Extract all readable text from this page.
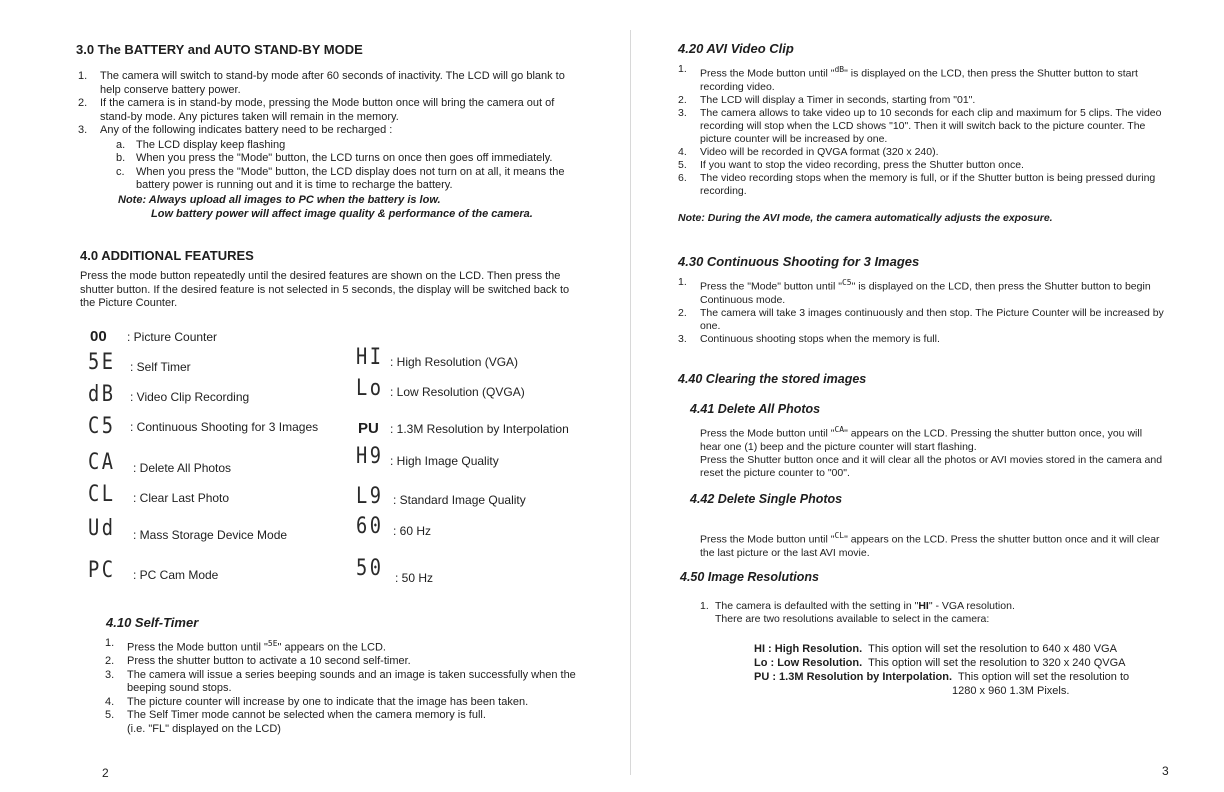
3.0 The BATTERY and AUTO STAND-BY MODE
1. The camera will switch to stand-by mode after 60 seconds of inactivity. The LCD will go blank to help conserve battery power.
2. If the camera is in stand-by mode, pressing the Mode button once will bring the camera out of stand-by mode. Any pictures taken will remain in the memory.
3. Any of the following indicates battery need to be recharged :
a. The LCD display keep flashing
b. When you press the "Mode" button, the LCD turns on once then goes off immediately.
c. When you press the "Mode" button, the LCD display does not turn on at all, it means the battery power is running out and it is time to recharge the battery.
Note: Always upload all images to PC when the battery is low.
Low battery power will affect image quality & performance of the camera.
4.0 ADDITIONAL FEATURES
Press the mode button repeatedly until the desired features are shown on the LCD. Then press the shutter button. If the desired feature is not selected in 5 seconds, the display will be switched back to the Picture Counter.
00 : Picture Counter
5E : Self Timer
dB : Video Clip Recording
C5 : Continuous Shooting for 3 Images
CA : Delete All Photos
CL : Clear Last Photo
Ud : Mass Storage Device Mode
PC : PC Cam Mode
HI : High Resolution (VGA)
Lo : Low Resolution (QVGA)
PU : 1.3M Resolution by Interpolation
H9 : High Image Quality
L9 : Standard Image Quality
60 : 60 Hz
50 : 50 Hz
4.10 Self-Timer
1. Press the Mode button until "$^{5E}$" appears on the LCD.
2. Press the shutter button to activate a 10 second self-timer.
3. The camera will issue a series beeping sounds and an image is taken successfully when the beeping sound stops.
4. The picture counter will increase by one to indicate that the image has been taken.
5. The Self Timer mode cannot be selected when the camera memory is full.
(i.e. "FL" displayed on the LCD)
2
4.20 AVI Video Clip
1. Press the Mode button until "$^{dB}$" is displayed on the LCD, then press the Shutter button to start recording video.
2. The LCD will display a Timer in seconds, starting from "01".
3. The camera allows to take video up to 10 seconds for each clip and maximum for 5 clips. The video recording will stop when the LCD shows "10". Then it will switch back to the picture counter. The picture counter will be increased by one.
4. Video will be recorded in QVGA format (320 x 240).
5. If you want to stop the video recording, press the Shutter button once.
6. The video recording stops when the memory is full, or if the Shutter button is being pressed during recording.
Note: During the AVI mode, the camera automatically adjusts the exposure.
4.30 Continuous Shooting for 3 Images
1. Press the "Mode" button until "$^{C5}$" is displayed on the LCD, then press the Shutter button to begin Continuous mode.
2. The camera will take 3 images continuously and then stop. The Picture Counter will be increased by one.
3. Continuous shooting stops when the memory is full.
4.40 Clearing the stored images
4.41 Delete All Photos
Press the Mode button until "$^{CA}$" appears on the LCD. Pressing the shutter button once, you will hear one (1) beep and the picture counter will start flashing.
Press the Shutter button once and it will clear all the photos or AVI movies stored in the camera and reset the picture counter to "00".
4.42 Delete Single Photos
Press the Mode button until "$^{CL}$" appears on the LCD. Press the shutter button once and it will clear the last picture or the last AVI movie.
4.50 Image Resolutions
1. The camera is defaulted with the setting in "HI" - VGA resolution.
There are two resolutions available to select in the camera:
HI : High Resolution. This option will set the resolution to 640 x 480 VGA
Lo : Low Resolution. This option will set the resolution to 320 x 240 QVGA
PU : 1.3M Resolution by Interpolation. This option will set the resolution to
1280 x 960 1.3M Pixels.
3
